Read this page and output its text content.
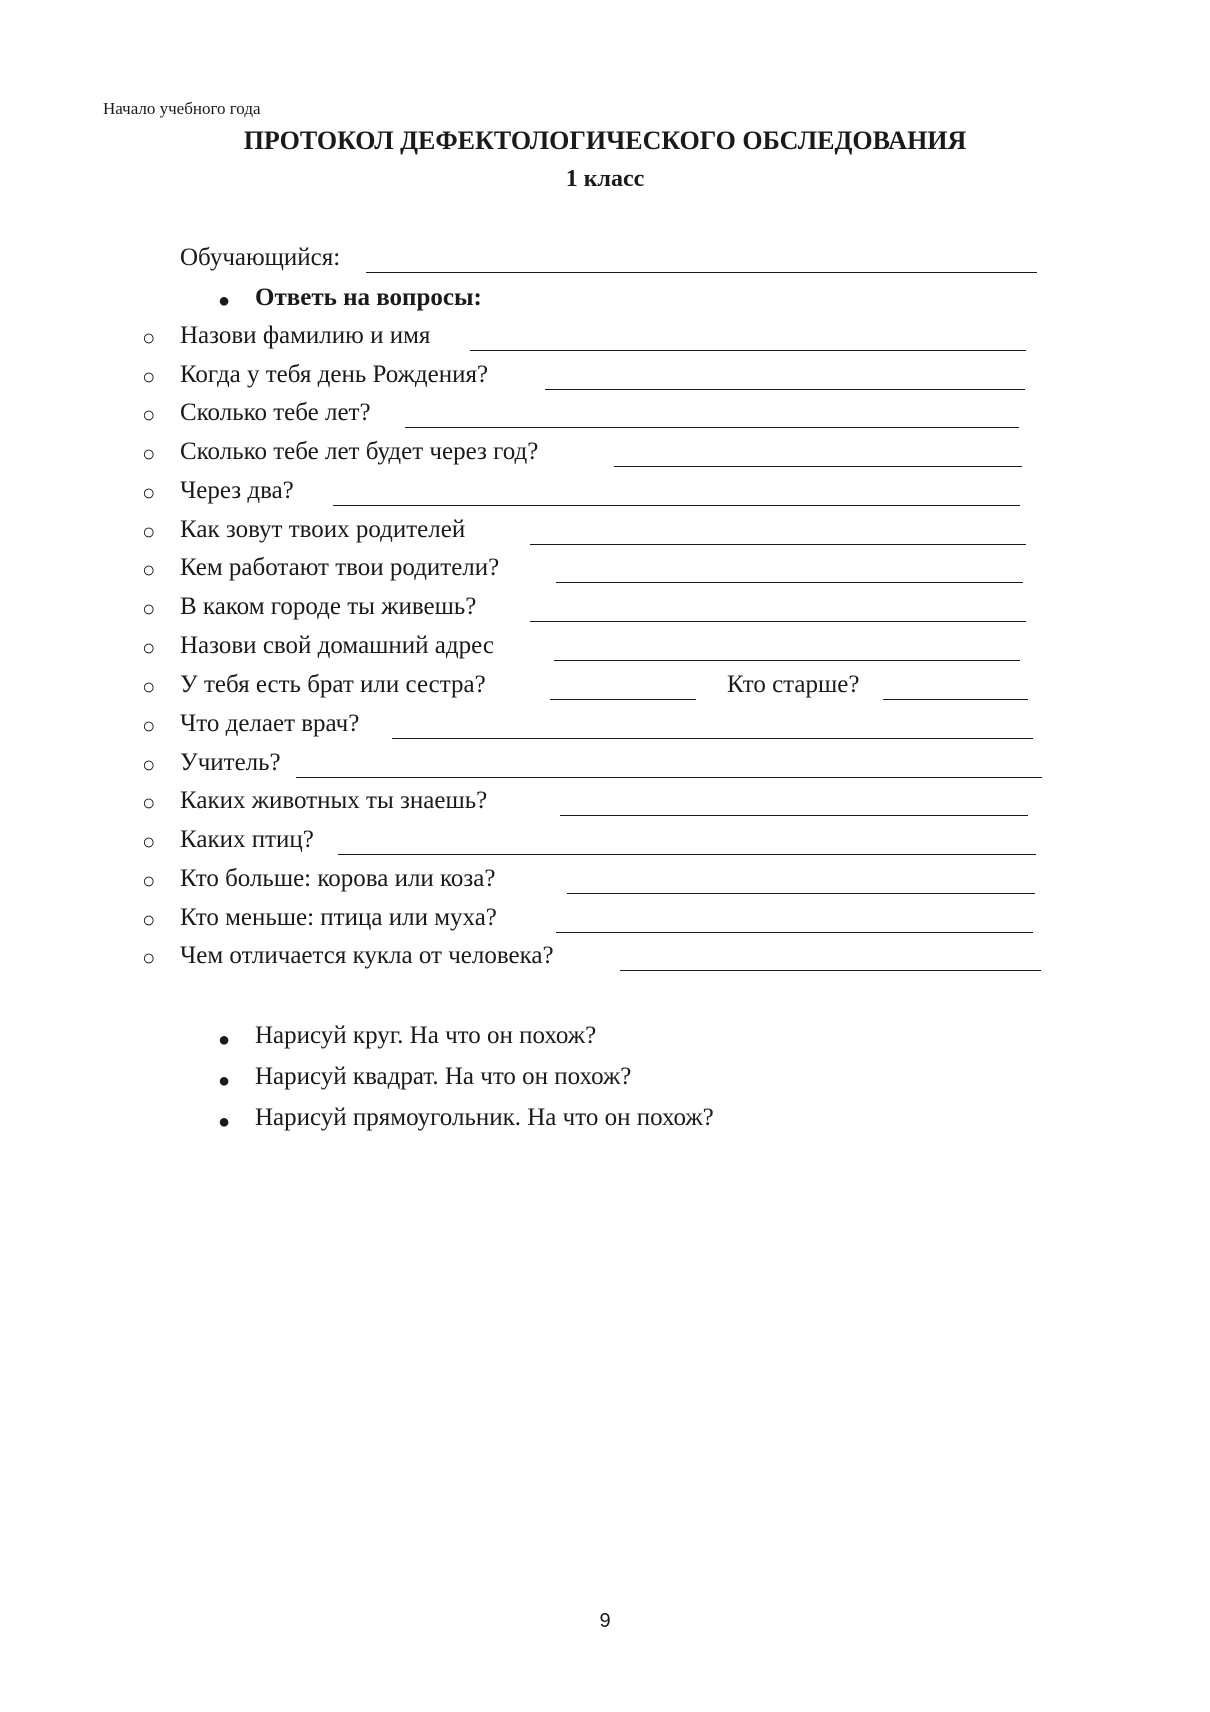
Начало учебного года
ПРОТОКОЛ ДЕФЕКТОЛОГИЧЕСКОГО ОБСЛЕДОВАНИЯ
1 класс
Обучающийся:
● Ответь на вопросы:
○ Назови фамилию и имя
○ Когда у тебя день Рождения?
○ Сколько тебе лет?
○ Сколько тебе лет будет через год?
○ Через два?
○ Как зовут твоих родителей
○ Кем работают твои родители?
○ В каком городе ты живешь?
○ Назови свой домашний адрес
○ У тебя есть брат или сестра?	Кто старше?
○ Что делает врач?
○ Учитель?
○ Каких животных ты знаешь?
○ Каких птиц?
○ Кто больше: корова или коза?
○ Кто меньше: птица или муха?
○ Чем отличается кукла от человека?
● Нарисуй круг. На что он похож?
● Нарисуй квадрат. На что он похож?
● Нарисуй прямоугольник. На что он похож?
9
